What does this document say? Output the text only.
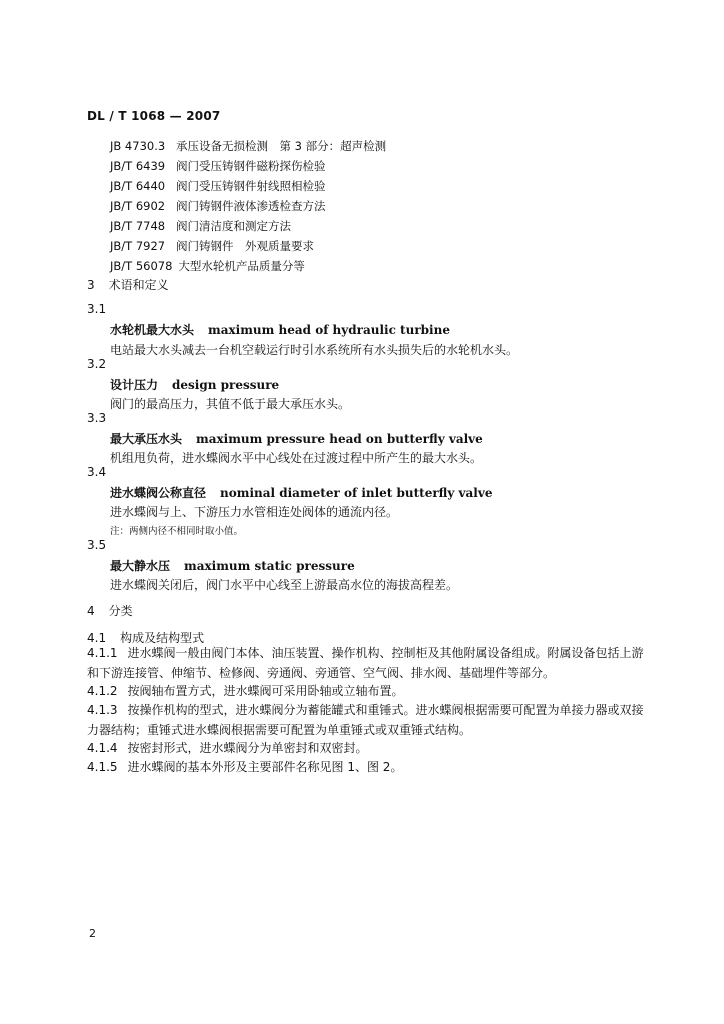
DL / T 1068 — 2007
JB 4730.3 承压设备无损检测　第 3 部分：超声检测
JB/T 6439 阀门受压铸钢件磁粉探伤检验
JB/T 6440 阀门受压铸钢件射线照相检验
JB/T 6902 阀门铸钢件液体渗透检查方法
JB/T 7748 阀门清洁度和测定方法
JB/T 7927 阀门铸钢件　外观质量要求
JB/T 56078 大型水轮机产品质量分等
3 术语和定义
3.1
水轮机最大水头 maximum head of hydraulic turbine
电站最大水头减去一台机空载运行时引水系统所有水头损失后的水轮机水头。
3.2
设计压力 design pressure
阀门的最高压力，其值不低于最大承压水头。
3.3
最大承压水头 maximum pressure head on butterfly valve
机组甩负荷，进水蝶阀水平中心线处在过渡过程中所产生的最大水头。
3.4
进水蝶阀公称直径 nominal diameter of inlet butterfly valve
进水蝶阀与上、下游压力水管相连处阀体的通流内径。
注：两侧内径不相同时取小值。
3.5
最大静水压 maximum static pressure
进水蝶阀关闭后，阀门水平中心线至上游最高水位的海拔高程差。
4 分类
4.1 构成及结构型式
4.1.1 进水蝶阀一般由阀门本体、油压装置、操作机构、控制柜及其他附属设备组成。附属设备包括上游和下游连接管、伸缩节、检修阀、旁通阀、旁通管、空气阀、排水阀、基础埋件等部分。
4.1.2 按阀轴布置方式，进水蝶阀可采用卧轴或立轴布置。
4.1.3 按操作机构的型式，进水蝶阀分为蓄能罐式和重锤式。进水蝶阀根据需要可配置为单接力器或双接力器结构；重锤式进水蝶阀根据需要可配置为单重锤式或双重锤式结构。
4.1.4 按密封形式，进水蝶阀分为单密封和双密封。
4.1.5 进水蝶阀的基本外形及主要部件名称见图 1、图 2。
2
